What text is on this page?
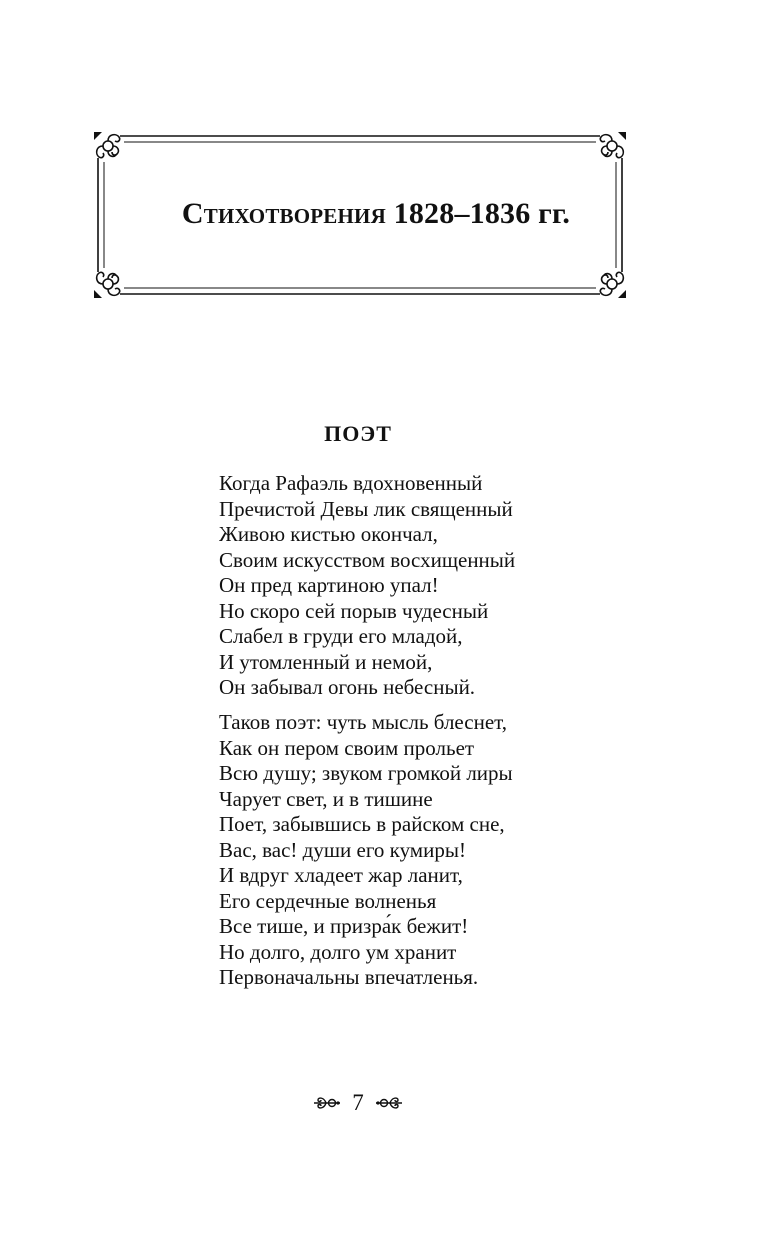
Стихотворения 1828–1836 гг.
ПОЭТ
Когда Рафаэль вдохновенный
Пречистой Девы лик священный
Живою кистью окончал,
Своим искусством восхищенный
Он пред картиною упал!
Но скоро сей порыв чудесный
Слабел в груди его младой,
И утомленный и немой,
Он забывал огонь небесный.
Таков поэт: чуть мысль блеснет,
Как он пером своим прольет
Всю душу; звуком громкой лиры
Чарует свет, и в тишине
Поет, забывшись в райском сне,
Вас, вас! души его кумиры!
И вдруг хладеет жар ланит,
Его сердечные волненья
Все тише, и призра́к бежит!
Но долго, долго ум хранит
Первоначальны впечатленья.
7
